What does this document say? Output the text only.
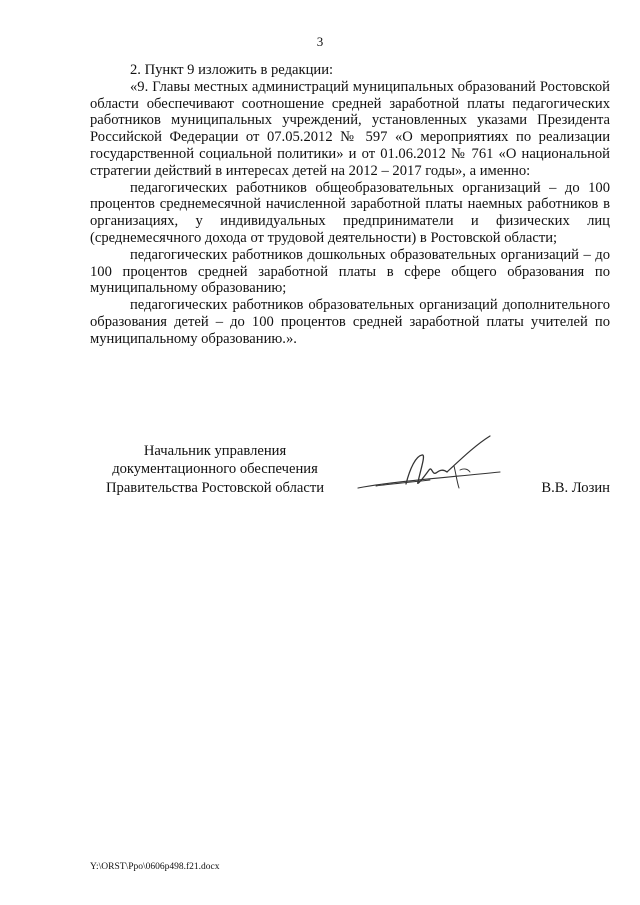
3

2. Пункт 9 изложить в редакции:

«9. Главы местных администраций муниципальных образований Ростовской области обеспечивают соотношение средней заработной платы педагогических работников муниципальных учреждений, установленных указами Президента Российской Федерации от 07.05.2012 № 597 «О мероприятиях по реализации государственной социальной политики» и от 01.06.2012 № 761 «О национальной стратегии действий в интересах детей на 2012 – 2017 годы», а именно:

педагогических работников общеобразовательных организаций – до 100 процентов среднемесячной начисленной заработной платы наемных работников в организациях, у индивидуальных предприниматели и физических лиц (среднемесячного дохода от трудовой деятельности) в Ростовской области;

педагогических работников дошкольных образовательных организаций – до 100 процентов средней заработной платы в сфере общего образования по муниципальному образованию;

педагогических работников образовательных организаций дополнительного образования детей – до 100 процентов средней заработной платы учителей по муниципальному образованию.».

Начальник управления
документационного обеспечения
Правительства Ростовской области	В.В. Лозин
Y:\ORST\Ppo\0606p498.f21.docx
